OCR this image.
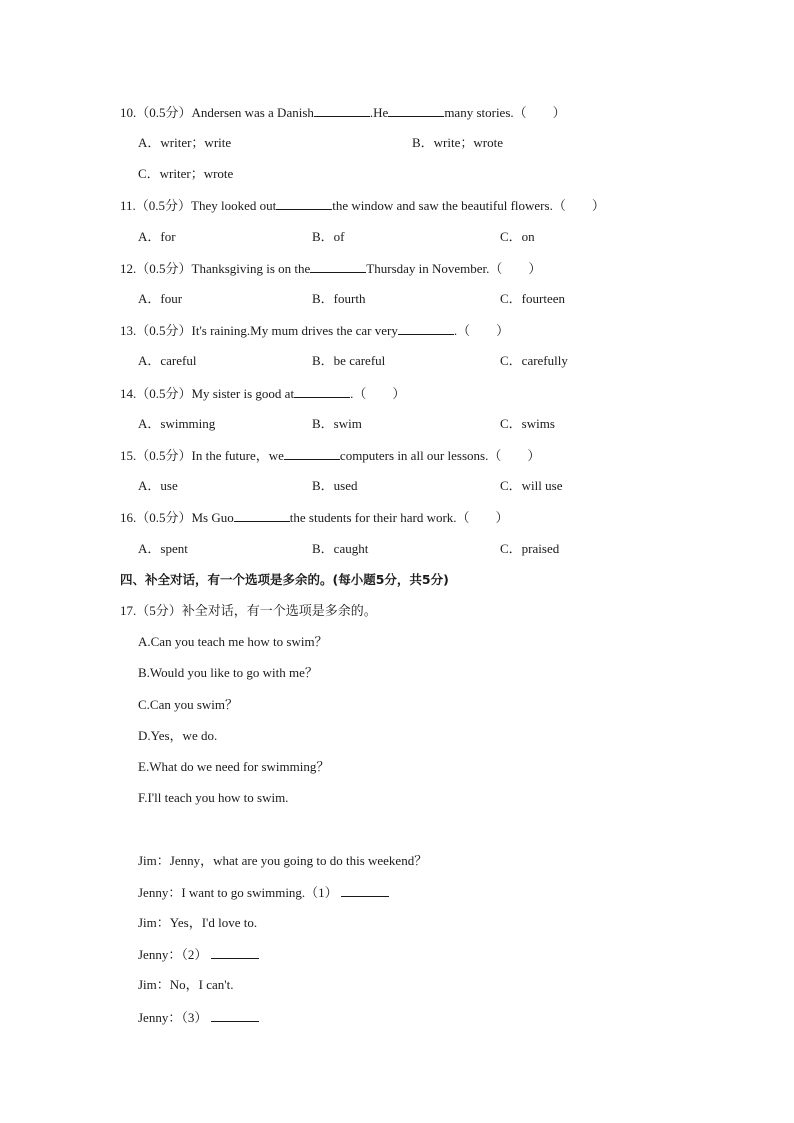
10.（0.5分）Andersen was a Danish	.He	many stories.（　　）
A．writer；write	B．write；wrote
C．writer；wrote
11.（0.5分）They looked out	the window and saw the beautiful flowers.（　　）
A．for	B．of	C．on
12.（0.5分）Thanksgiving is on the	Thursday in November.（　　）
A．four	B．fourth	C．fourteen
13.（0.5分）It's raining.My mum drives the car very	.（　　）
A．careful	B．be careful	C．carefully
14.（0.5分）My sister is good at	.（　　）
A．swimming	B．swim	C．swims
15.（0.5分）In the future，we	computers in all our lessons.（　　）
A．use	B．used	C．will use
16.（0.5分）Ms Guo	the students for their hard work.（　　）
A．spent	B．caught	C．praised
四、补全对话，有一个选项是多余的。(每小题5分，共5分)
17.（5分）补全对话，有一个选项是多余的。
A.Can you teach me how to swim？
B.Would you like to go with me？
C.Can you swim？
D.Yes，we do.
E.What do we need for swimming？
F.I'll teach you how to swim.
Jim：Jenny，what are you going to do this weekend？
Jenny：I want to go swimming.（1）
Jim：Yes，I'd love to.
Jenny：（2）
Jim：No，I can't.
Jenny：（3）
